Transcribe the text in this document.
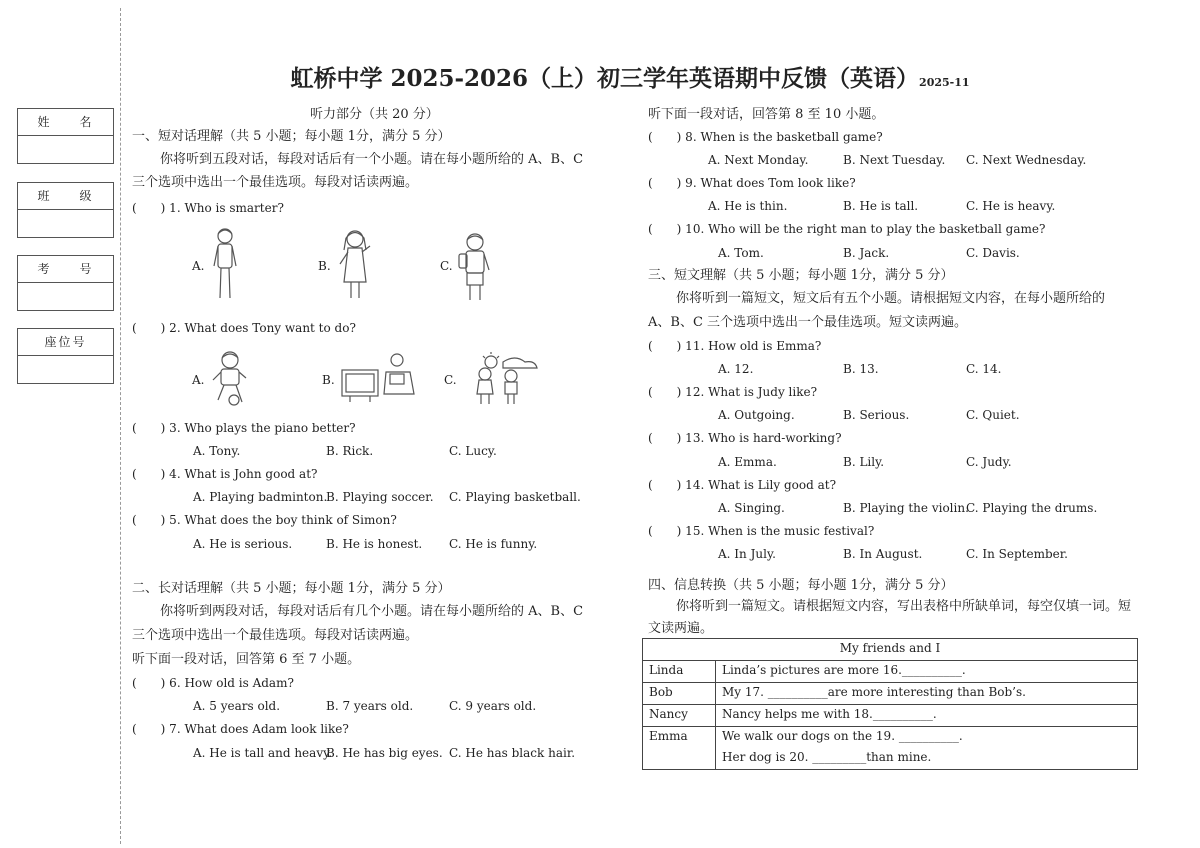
姓　　名
班　　级
考　　号
座位号
虹桥中学 2025-2026（上）初三学年英语期中反馈（英语）2025-11
听力部分（共 20 分）
一、短对话理解（共 5 小题；每小题 1分，满分 5 分）
你将听到五段对话，每段对话后有一个小题。请在每小题所给的 A、B、C
三个选项中选出一个最佳选项。每段对话读两遍。
(　　) 1. Who is smarter?
A.	B.	C.
(　　) 2. What does Tony want to do?
A.	B.	C.
(　　) 3. Who plays the piano better?
A. Tony.	B. Rick.	C. Lucy.
(　　) 4. What is John good at?
A. Playing badminton.
B. Playing soccer. C. Playing basketball.
(　　) 5. What does the boy think of Simon?
A. He is serious.	B. He is honest. C. He is funny.
二、长对话理解（共 5 小题；每小题 1分，满分 5 分）
你将听到两段对话，每段对话后有几个小题。请在每小题所给的 A、B、C
三个选项中选出一个最佳选项。每段对话读两遍。
听下面一段对话，回答第 6 至 7 小题。
(　　) 6. How old is Adam?
A. 5 years old.	B. 7 years old.	C. 9 years old.
(　　) 7. What does Adam look like?
A. He is tall and heavy.
B. He has big eyes. C. He has black hair.
听下面一段对话，回答第 8 至 10 小题。
(　　) 8. When is the basketball game?
A. Next Monday.	B. Next Tuesday. C. Next Wednesday.
(　　) 9. What does Tom look like?
A. He is thin.	B. He is tall.	C. He is heavy.
(　　) 10. Who will be the right man to play the basketball game?
A. Tom.	B. Jack.	C. Davis.
三、短文理解（共 5 小题；每小题 1分，满分 5 分）
你将听到一篇短文，短文后有五个小题。请根据短文内容，在每小题所给的
A、B、C 三个选项中选出一个最佳选项。短文读两遍。
(　　) 11. How old is Emma?
A. 12.	B. 13.	C. 14.
(　　) 12. What is Judy like?
A. Outgoing.	B. Serious.	C. Quiet.
(　　) 13. Who is hard-working?
A. Emma.	B. Lily.	C. Judy.
(　　) 14. What is Lily good at?
A. Singing.	B. Playing the violin.
C. Playing the drums.
(　　) 15. When is the music festival?
A. In July.	B. In August.	C. In September.
四、信息转换（共 5 小题；每小题 1分，满分 5 分）
你将听到一篇短文。请根据短文内容，写出表格中所缺单词，每空仅填一词。短
文读两遍。
My friends and I	
Linda	Linda’s pictures are more 16.__________.
Bob	My 17. __________are more interesting than Bob’s.
Nancy	Nancy helps me with 18.__________.
Emma	We walk our dogs on the 19. __________.
	Her dog is 20. _________than mine.
